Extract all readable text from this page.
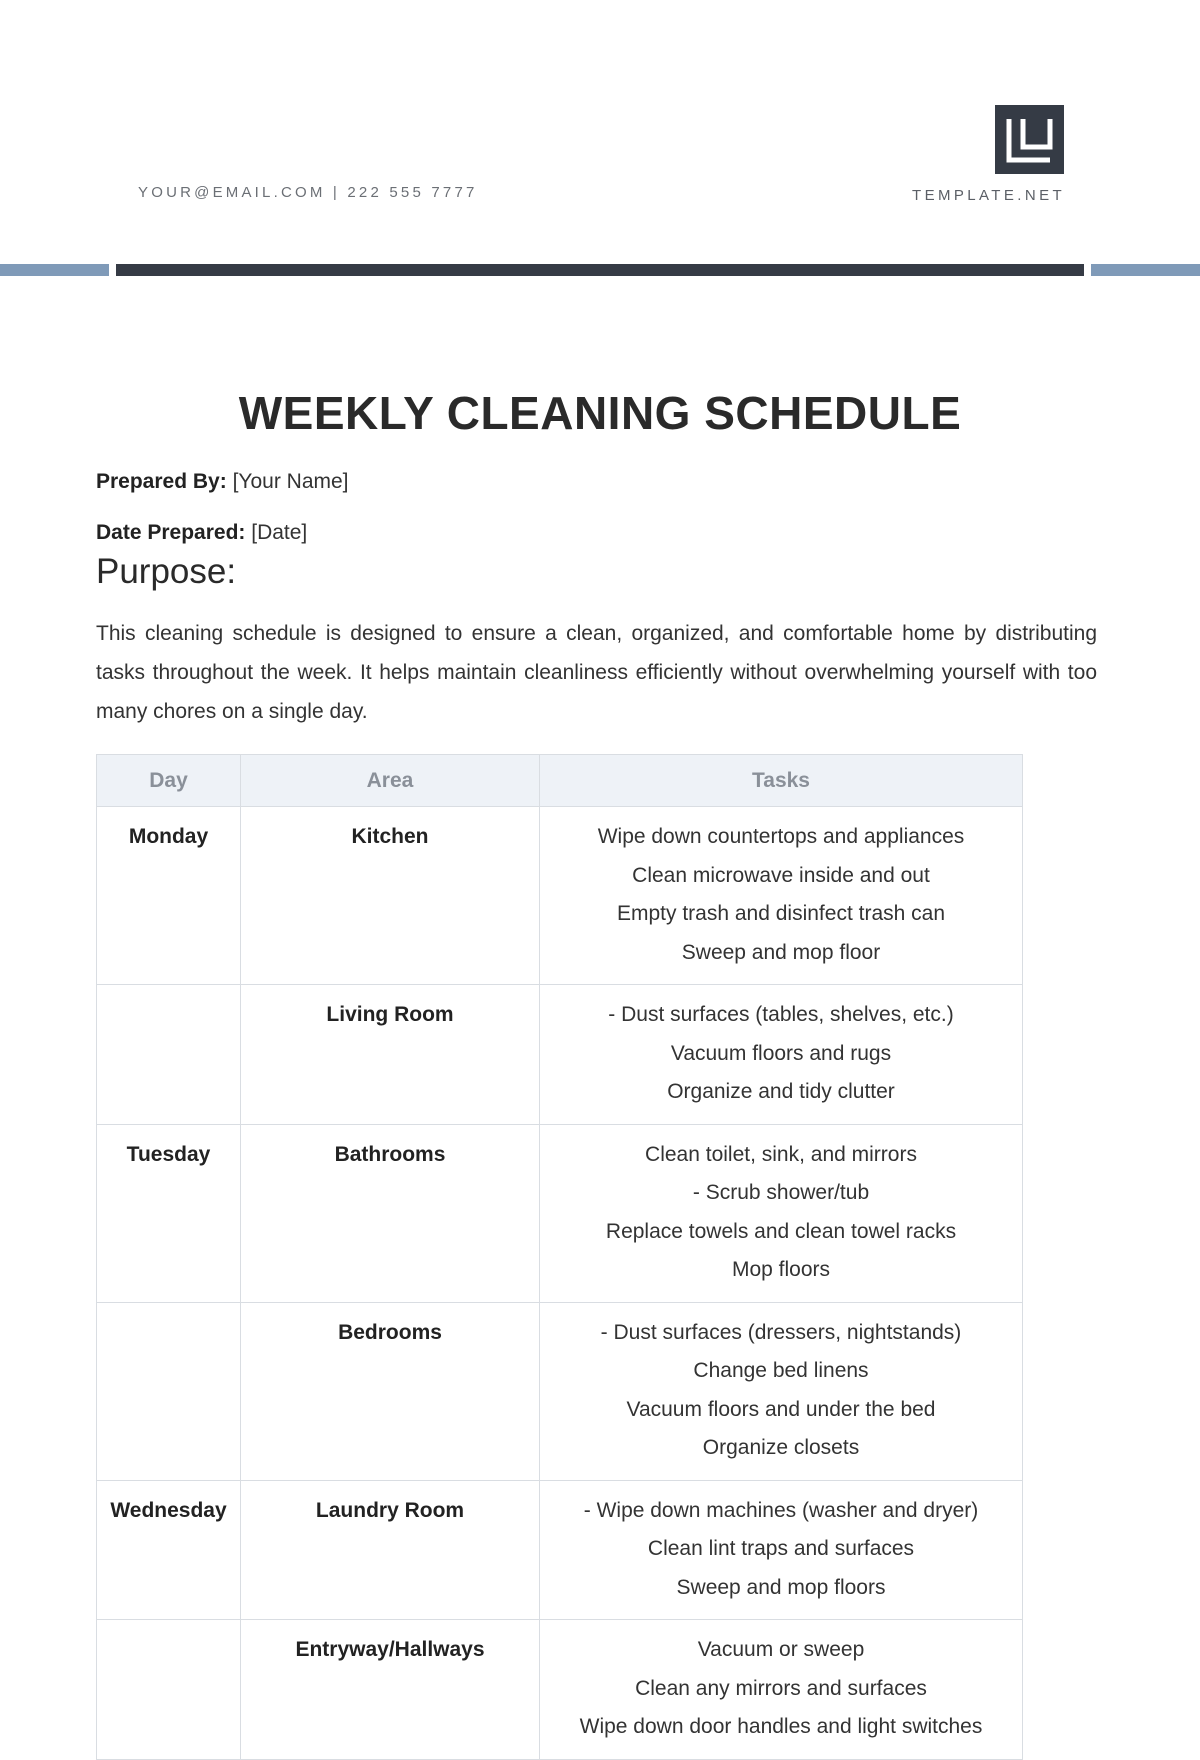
YOUR@EMAIL.COM | 222 555 7777	TEMPLATE.NET
WEEKLY CLEANING SCHEDULE
Prepared By: [Your Name]
Date Prepared: [Date]
Purpose:
This cleaning schedule is designed to ensure a clean, organized, and comfortable home by distributing tasks throughout the week. It helps maintain cleanliness efficiently without overwhelming yourself with too many chores on a single day.
Day	Area	Tasks
Monday	Kitchen	Wipe down countertops and appliances
Clean microwave inside and out
Empty trash and disinfect trash can
Sweep and mop floor

	Living Room	- Dust surfaces (tables, shelves, etc.)
Vacuum floors and rugs
Organize and tidy clutter

Tuesday	Bathrooms	Clean toilet, sink, and mirrors
- Scrub shower/tub
Replace towels and clean towel racks
Mop floors

	Bedrooms	- Dust surfaces (dressers, nightstands)
Change bed linens
Vacuum floors and under the bed
Organize closets

Wednesday	Laundry Room	- Wipe down machines (washer and dryer)
Clean lint traps and surfaces
Sweep and mop floors

	Entryway/Hallways	Vacuum or sweep
Clean any mirrors and surfaces
Wipe down door handles and light switches
